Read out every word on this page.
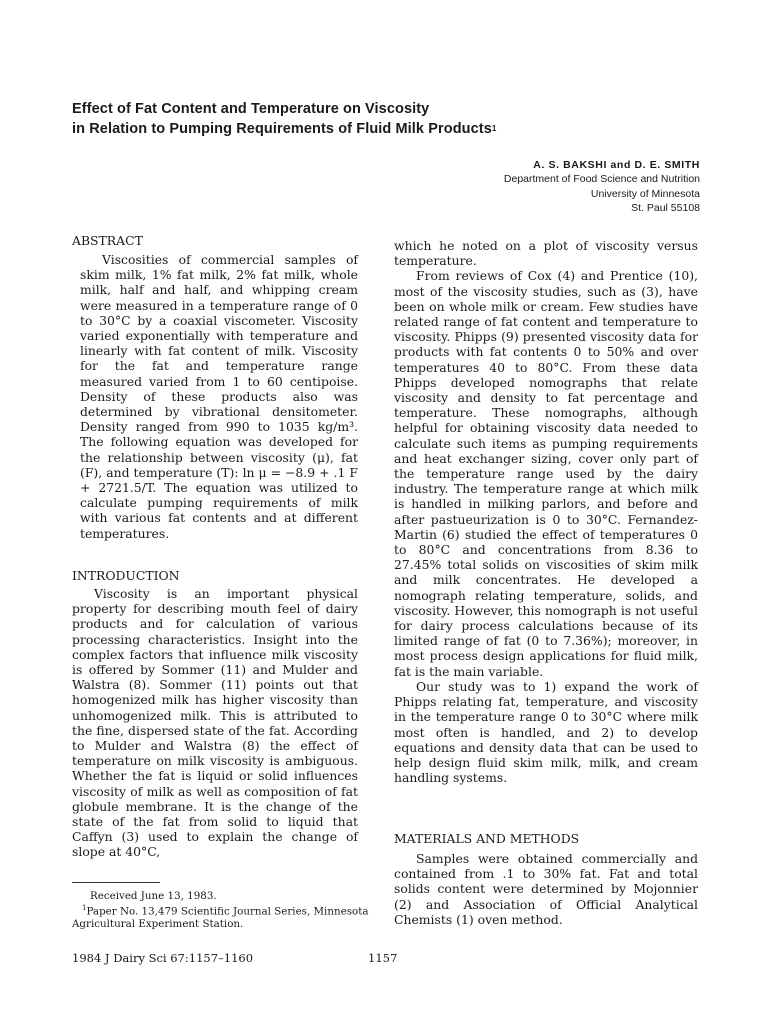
Effect of Fat Content and Temperature on Viscosity
in Relation to Pumping Requirements of Fluid Milk Products$^1$
A. S. BAKSHI and D. E. SMITH
Department of Food Science and Nutrition
University of Minnesota
St. Paul 55108
ABSTRACT

Viscosities of commercial samples of skim milk, 1% fat milk, 2% fat milk, whole milk, half and half, and whipping cream were measured in a temperature range of 0 to 30°C by a coaxial viscometer. Viscosity varied exponentially with temperature and linearly with fat content of milk. Viscosity for the fat and temperature range measured varied from 1 to 60 centipoise. Density of these products also was determined by vibrational densitometer. Density ranged from 990 to 1035 kg/m³. The following equation was developed for the relationship between viscosity (μ), fat (F), and temperature (T): ln μ = −8.9 + .1 F + 2721.5/T. The equation was utilized to calculate pumping requirements of milk with various fat contents and at different temperatures.

INTRODUCTION

Viscosity is an important physical property for describing mouth feel of dairy products and for calculation of various processing characteristics. Insight into the complex factors that influence milk viscosity is offered by Sommer (11) and Mulder and Walstra (8). Sommer (11) points out that homogenized milk has higher viscosity than unhomogenized milk. This is attributed to the fine, dispersed state of the fat. According to Mulder and Walstra (8) the effect of temperature on milk viscosity is ambiguous. Whether the fat is liquid or solid influences viscosity of milk as well as composition of fat globule membrane. It is the change of the state of the fat from solid to liquid that Caffyn (3) used to explain the change of slope at 40°C,

which he noted on a plot of viscosity versus temperature.

From reviews of Cox (4) and Prentice (10), most of the viscosity studies, such as (3), have been on whole milk or cream. Few studies have related range of fat content and temperature to viscosity. Phipps (9) presented viscosity data for products with fat contents 0 to 50% and over temperatures 40 to 80°C. From these data Phipps developed nomographs that relate viscosity and density to fat percentage and temperature. These nomographs, although helpful for obtaining viscosity data needed to calculate such items as pumping requirements and heat exchanger sizing, cover only part of the temperature range used by the dairy industry. The temperature range at which milk is handled in milking parlors, and before and after pastueurization is 0 to 30°C. Fernandez-Martin (6) studied the effect of temperatures 0 to 80°C and concentrations from 8.36 to 27.45% total solids on viscosities of skim milk and milk concentrates. He developed a nomograph relating temperature, solids, and viscosity. However, this nomograph is not useful for dairy process calculations because of its limited range of fat (0 to 7.36%); moreover, in most process design applications for fluid milk, fat is the main variable.

Our study was to 1) expand the work of Phipps relating fat, temperature, and viscosity in the temperature range 0 to 30°C where milk most often is handled, and 2) to develop equations and density data that can be used to help design fluid skim milk, milk, and cream handling systems.

MATERIALS AND METHODS

Samples were obtained commercially and contained from .1 to 30% fat. Fat and total solids content were determined by Mojonnier (2) and Association of Official Analytical Chemists (1) oven method.

Received June 13, 1983.
$^1$Paper No. 13,479 Scientific Journal Series, Minnesota Agricultural Experiment Station.
1984 J Dairy Sci 67:1157–1160	1157
